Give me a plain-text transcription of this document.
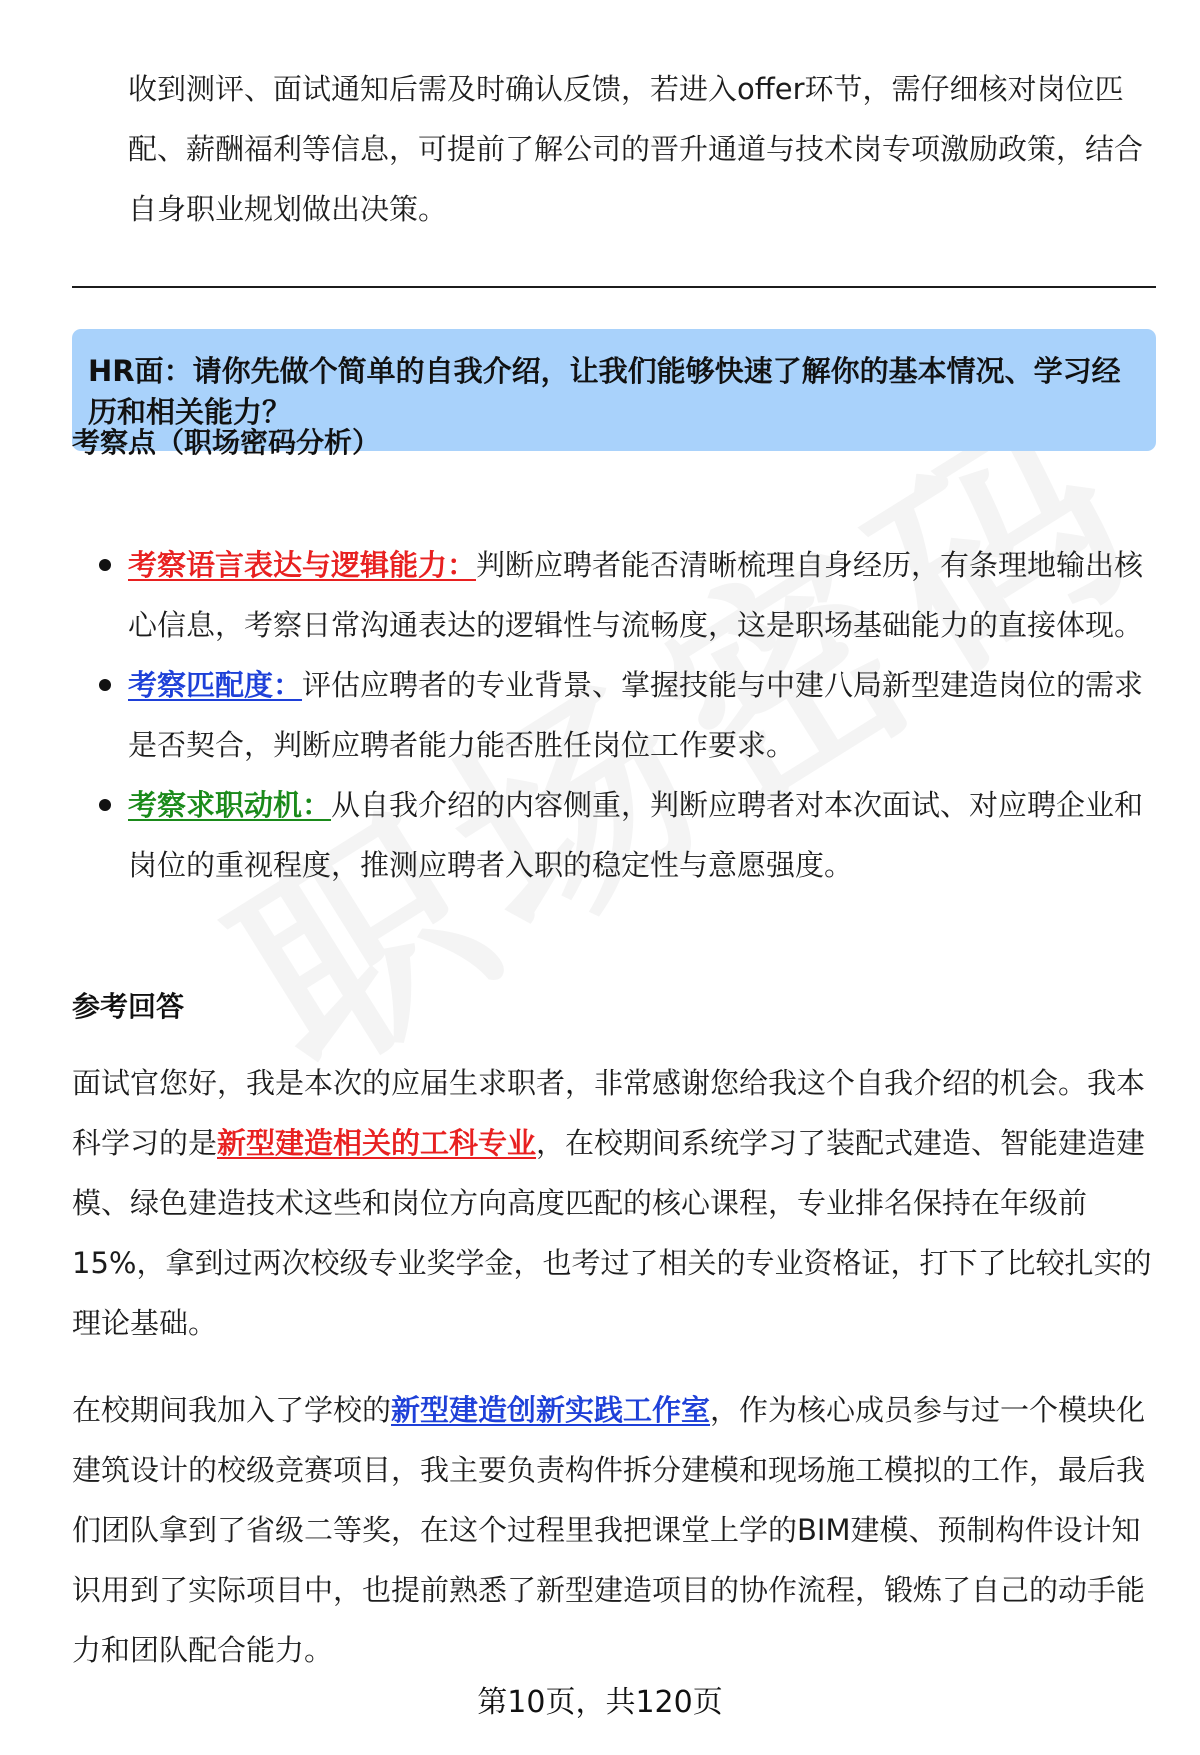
收到测评、面试通知后需及时确认反馈，若进入offer环节，需仔细核对岗位匹配、薪酬福利等信息，可提前了解公司的晋升通道与技术岗专项激励政策，结合自身职业规划做出决策。

HR面：请你先做个简单的自我介绍，让我们能够快速了解你的基本情况、学习经历和相关能力？
考察点（职场密码分析）
考察语言表达与逻辑能力：判断应聘者能否清晰梳理自身经历，有条理地输出核心信息，考察日常沟通表达的逻辑性与流畅度，这是职场基础能力的直接体现。
考察匹配度：评估应聘者的专业背景、掌握技能与中建八局新型建造岗位的需求是否契合，判断应聘者能力能否胜任岗位工作要求。
考察求职动机：从自我介绍的内容侧重，判断应聘者对本次面试、对应聘企业和岗位的重视程度，推测应聘者入职的稳定性与意愿强度。
参考回答

面试官您好，我是本次的应届生求职者，非常感谢您给我这个自我介绍的机会。我本科学习的是新型建造相关的工科专业，在校期间系统学习了装配式建造、智能建造建模、绿色建造技术这些和岗位方向高度匹配的核心课程，专业排名保持在年级前15%，拿到过两次校级专业奖学金，也考过了相关的专业资格证，打下了比较扎实的理论基础。

在校期间我加入了学校的新型建造创新实践工作室，作为核心成员参与过一个模块化建筑设计的校级竞赛项目，我主要负责构件拆分建模和现场施工模拟的工作，最后我们团队拿到了省级二等奖，在这个过程里我把课堂上学的BIM建模、预制构件设计知识用到了实际项目中，也提前熟悉了新型建造项目的协作流程，锻炼了自己的动手能力和团队配合能力。

第10页，共120页
